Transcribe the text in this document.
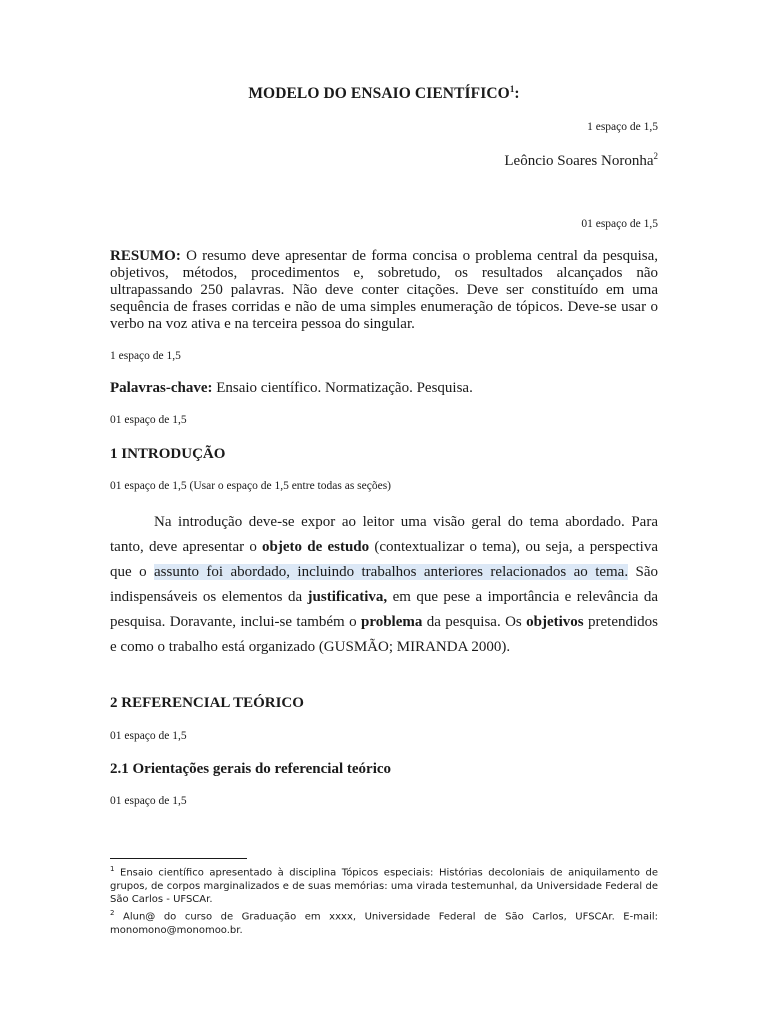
MODELO DO ENSAIO CIENTÍFICO$^1$:
1 espaço de 1,5
Leôncio Soares Noronha$^2$
01 espaço de 1,5
RESUMO: O resumo deve apresentar de forma concisa o problema central da pesquisa, objetivos, métodos, procedimentos e, sobretudo, os resultados alcançados não ultrapassando 250 palavras. Não deve conter citações. Deve ser constituído em uma sequência de frases corridas e não de uma simples enumeração de tópicos. Deve-se usar o verbo na voz ativa e na terceira pessoa do singular.
1 espaço de 1,5
Palavras-chave: Ensaio científico. Normatização. Pesquisa.
01 espaço de 1,5
1 INTRODUÇÃO
01 espaço de 1,5 (Usar o espaço de 1,5 entre todas as seções)
Na introdução deve-se expor ao leitor uma visão geral do tema abordado. Para tanto, deve apresentar o objeto de estudo (contextualizar o tema), ou seja, a perspectiva que o assunto foi abordado, incluindo trabalhos anteriores relacionados ao tema. São indispensáveis os elementos da justificativa, em que pese a importância e relevância da pesquisa. Doravante, inclui-se também o problema da pesquisa. Os objetivos pretendidos e como o trabalho está organizado (GUSMÃO; MIRANDA 2000).
2 REFERENCIAL TEÓRICO
01 espaço de 1,5
2.1 Orientações gerais do referencial teórico
01 espaço de 1,5

$^1$ Ensaio científico apresentado à disciplina Tópicos especiais: Histórias decoloniais de aniquilamento de grupos, de corpos marginalizados e de suas memórias: uma virada testemunhal, da Universidade Federal de São Carlos - UFSCAr.

$^2$ Alun@ do curso de Graduação em xxxx, Universidade Federal de São Carlos, UFSCAr. E-mail: monomono@monomoo.br.
